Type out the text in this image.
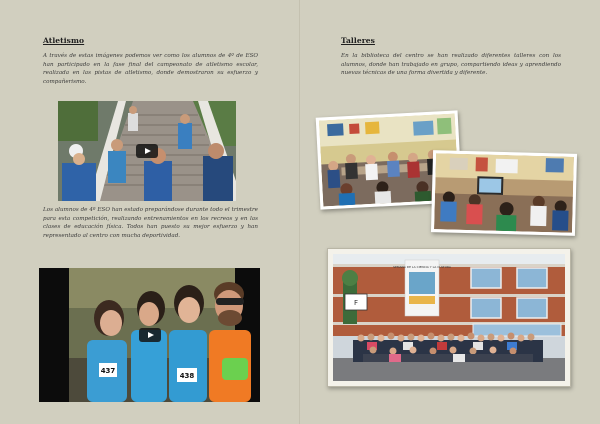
Atletismo
A través de estas imágenes podemos ver como los alumnos de 4º de ESO han participado en la fase final del campeonato de atletismo escolar, realizada en las pistas de atletismo, donde demostraron su esfuerzo y compañerismo.
Los alumnos de 4º ESO han estado preparándose durante todo el trimestre para esta competición, realizando entrenamientos en los recreos y en las clases de educación física. Todos han puesto su mejor esfuerzo y han representado al centro con mucha deportividad.
437
438
Talleres
En la biblioteca del centro se han realizado diferentes talleres con los alumnos, donde han trabajado en grupo, compartiendo ideas y aprendiendo nuevas técnicas de una forma divertida y diferente.
SEMANA DE LA CIENCIA Y LA CULTURA
F
